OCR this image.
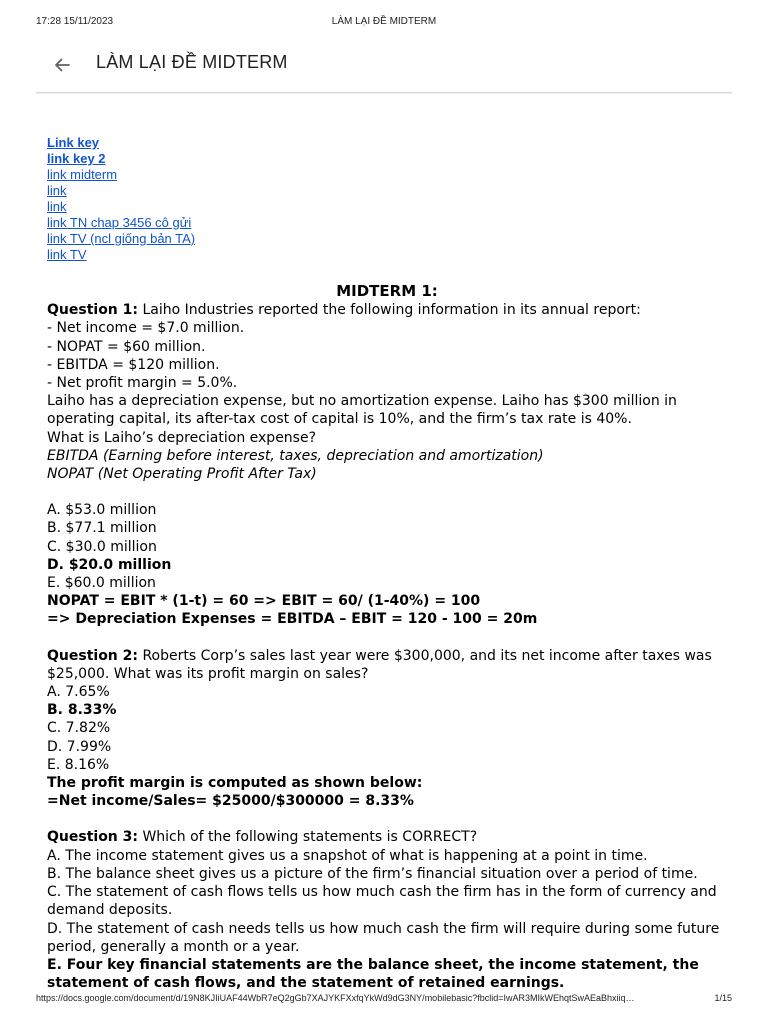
17:28 15/11/2023	LÀM LẠI ĐỀ MIDTERM
LÀM LẠI ĐỀ MIDTERM
Link key
link key 2
link midterm
link
link
link TN chap 3456 cô gửi
link TV (ncl giống bản TA)
link TV

MIDTERM 1:

Question 1: Laiho Industries reported the following information in its annual report:

- Net income = $7.0 million.

- NOPAT = $60 million.

- EBITDA = $120 million.

- Net profit margin = 5.0%.

Laiho has a depreciation expense, but no amortization expense. Laiho has $300 million in operating capital, its after-tax cost of capital is 10%, and the firm’s tax rate is 40%.

What is Laiho’s depreciation expense?

EBITDA (Earning before interest, taxes, depreciation and amortization)

NOPAT (Net Operating Profit After Tax)

A. $53.0 million

B. $77.1 million

C. $30.0 million

D. $20.0 million

E. $60.0 million

NOPAT = EBIT * (1-t) = 60 => EBIT = 60/ (1-40%) = 100

=> Depreciation Expenses = EBITDA – EBIT = 120 - 100 = 20m

Question 2: Roberts Corp’s sales last year were $300,000, and its net income after taxes was $25,000. What was its profit margin on sales?

A. 7.65%

B. 8.33%

C. 7.82%

D. 7.99%

E. 8.16%

The profit margin is computed as shown below:

=Net income/Sales= $25000/$300000 = 8.33%

Question 3: Which of the following statements is CORRECT?

A. The income statement gives us a snapshot of what is happening at a point in time.

B. The balance sheet gives us a picture of the firm’s financial situation over a period of time.

C. The statement of cash flows tells us how much cash the firm has in the form of currency and demand deposits.

D. The statement of cash needs tells us how much cash the firm will require during some future period, generally a month or a year.

E. Four key financial statements are the balance sheet, the income statement, the statement of cash flows, and the statement of retained earnings.

https://docs.google.com/document/d/19N8KJIiUAF44WbR7eQ2gGb7XAJYKFXxfqYkWd9dG3NY/mobilebasic?fbclid=IwAR3MIkWEhqtSwAEaBhxiiq…	1/15
